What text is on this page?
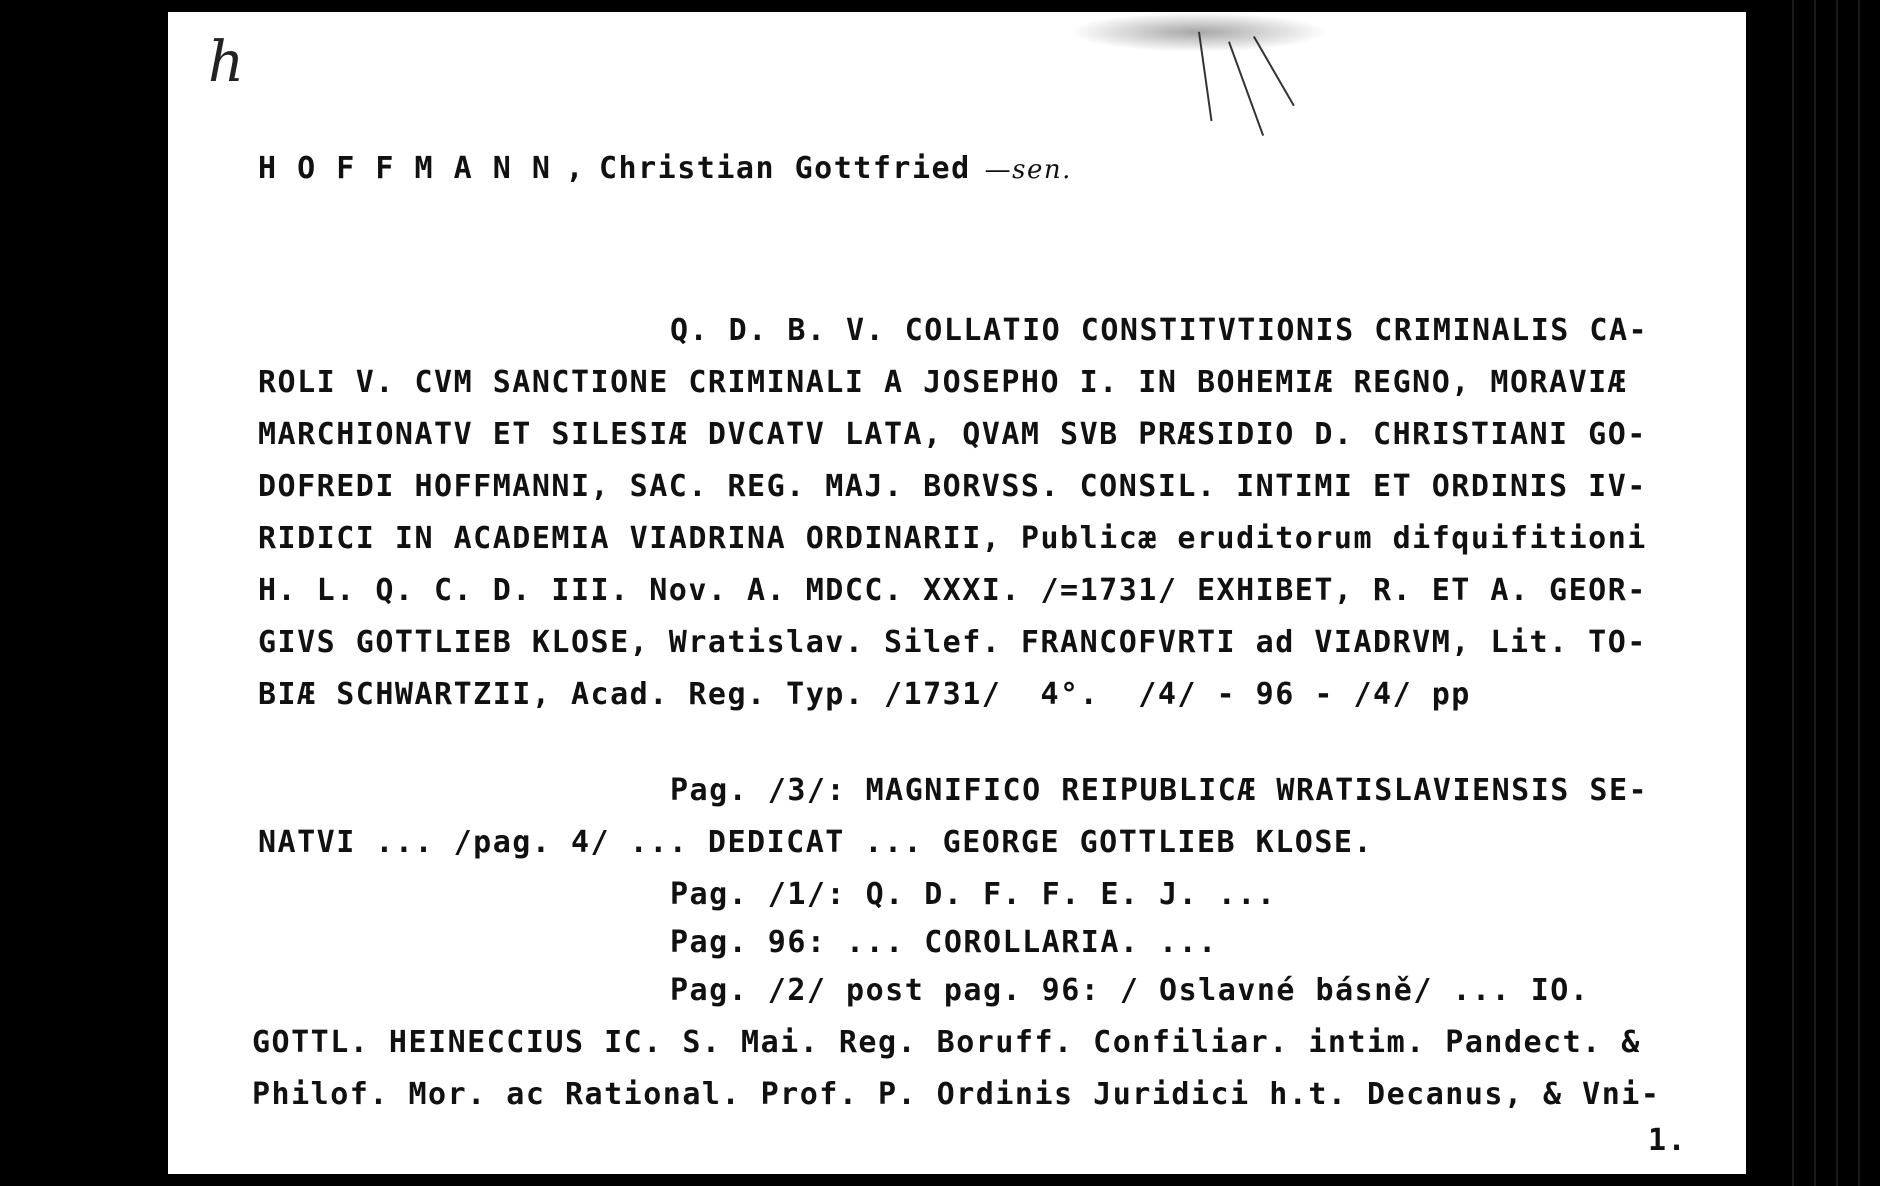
h
H O F F M A N N , Christian Gottfried —sen.
Q. D. B. V. COLLATIO CONSTITVTIONIS CRIMINALIS CA-
ROLI V. CVM SANCTIONE CRIMINALI A JOSEPHO I. IN BOHEMIÆ REGNO, MORAVIÆ
MARCHIONATV ET SILESIÆ DVCATV LATA, QVAM SVB PRÆSIDIO D. CHRISTIANI GO-
DOFREDI HOFFMANNI, SAC. REG. MAJ. BORVSS. CONSIL. INTIMI ET ORDINIS IV-
RIDICI IN ACADEMIA VIADRINA ORDINARII, Publicæ eruditorum difquifitioni
H. L. Q. C. D. III. Nov. A. MDCC. XXXI. /=1731/ EXHIBET, R. ET A. GEOR-
GIVS GOTTLIEB KLOSE, Wratislav. Silef. FRANCOFVRTI ad VIADRVM, Lit. TO-
BIÆ SCHWARTZII, Acad. Reg. Typ. /1731/  4°.  /4/ - 96 - /4/ pp
Pag. /3/: MAGNIFICO REIPUBLICÆ WRATISLAVIENSIS SE-
NATVI ... /pag. 4/ ... DEDICAT ... GEORGE GOTTLIEB KLOSE.
Pag. /1/: Q. D. F. F. E. J. ...
Pag. 96: ... COROLLARIA. ...
Pag. /2/ post pag. 96: / Oslavné básně/ ... IO.
GOTTL. HEINECCIUS IC. S. Mai. Reg. Boruff. Confiliar. intim. Pandect. &
Philof. Mor. ac Rational. Prof. P. Ordinis Juridici h.t. Decanus, & Vni-
1.
